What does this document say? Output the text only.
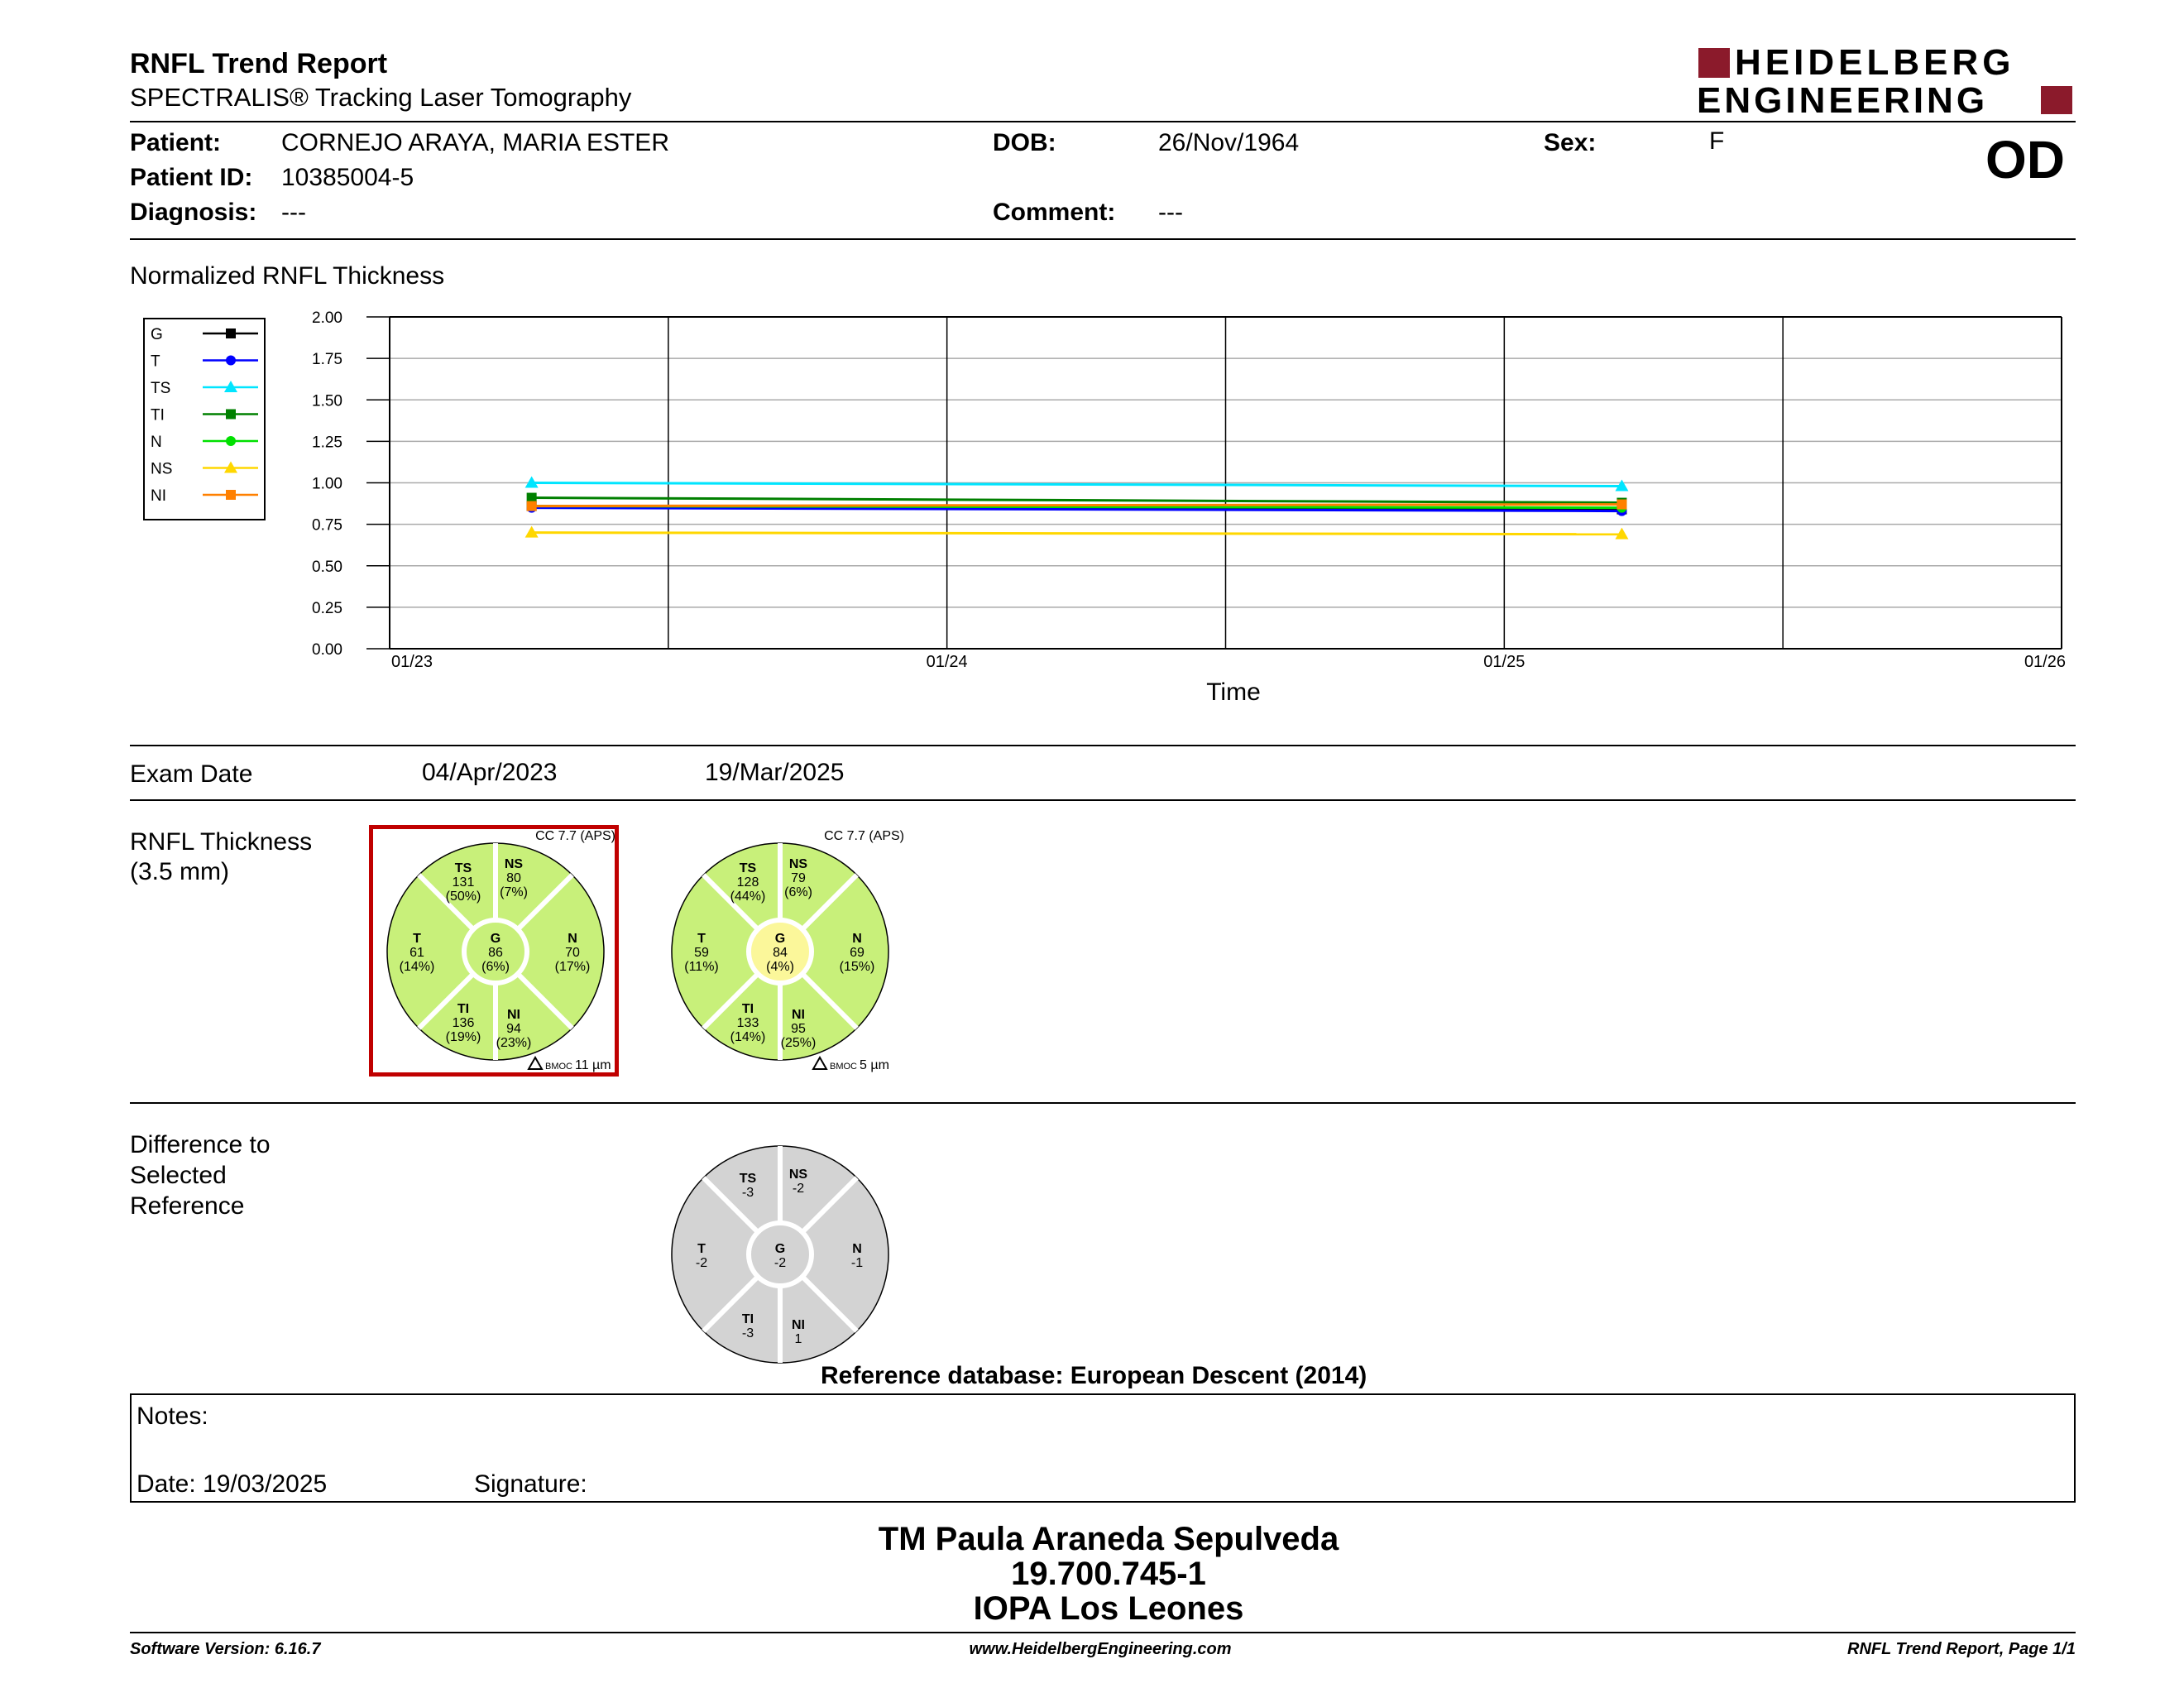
RNFL Trend Report
SPECTRALIS® Tracking Laser Tomography
HEIDELBERG
ENGINEERING
Patient: CORNEJO ARAYA, MARIA ESTER
Patient ID: 10385004-5
Diagnosis: ---
DOB:	26/Nov/1964
Comment: ---
Sex:	F	OD
Normalized RNFL Thickness
G
T
TS
TI
N
NS
NI
0.00
0.25
0.50
0.75
1.00
1.25
1.50
1.75
2.00
01/23	01/24	01/25	01/26
Time
Exam Date	04/Apr/2023	19/Mar/2025
RNFL Thickness
(3.5 mm)	TS
131
(50%)
NS
80
(7%)
T
61
(14%)
G
86
(6%)
N
70
(17%)
TI
136
(19%)
NI
94
(23%)
CC 7.7 (APS)
BMOC 11 µm
TS
128
(44%)
NS
79
(6%)
T
59
(11%)
G
84
(4%)
N
69
(15%)
TI
133
(14%)
NI
95
(25%)
CC 7.7 (APS)
BMOC 5 µm
TS
-3
NS
-2
T
-2
G
-2
N
-1
TI
-3
NI
1
Difference to
Selected
Reference
Reference database: European Descent (2014)
Notes:
Date: 19/03/2025	Signature:
TM Paula Araneda Sepulveda
19.700.745-1
IOPA Los Leones
Software Version: 6.16.7	www.HeidelbergEngineering.com	RNFL Trend Report, Page 1/1
